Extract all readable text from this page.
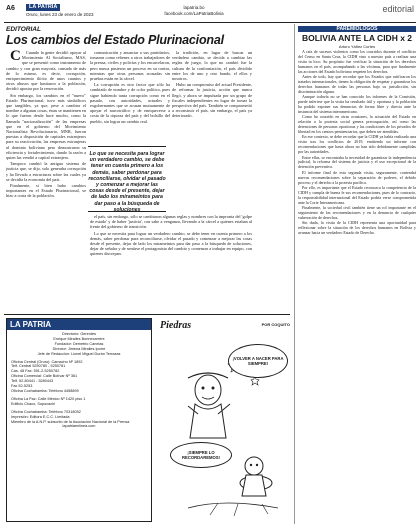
A6	LA PATRIA
Oruro, lunes 23 de enero de 2023
lapatria.bo
facebook.com/LaPatriaBolivia	editorial
EDITORIAL
Los cambios del Estado Plurinacional

C Cuando la gente decidió apoyar al Movimiento Al Socialismo, MAS, que se presentó como instrumento de cambio y con gran mayoría, cansada de más de lo mismo, es decir, corrupción, enriquecimiento ilícito de unos cuantos y otros abusos que hastiaron a la población, decidió apostar por la renovación.

Sin embargo, los cambios en el "nuevo" Estado Plurinacional, tuvo más simbólicos que tangibles, ya que, pese a cambiar el nombre a algunas cosas, éstas se mantienen en lo que fueron desde hace mucho, como la llamada "nacionalización" de las empresas que en el gobierno del Movimiento Nacionalista Revolucionario, MNR, fueron puestas a disposición de capitales extranjeros para su reactivación, las empresas extranjeras al dominio boliviano pero demostraron su eficiencia y fortalecimiento, dando la razón a quien las vendió a capital extranjero.

Tampoco cambió la antiguo sistema de justicia que, se dijo, solo generaba corrupción y ha llevado a estructuras sobre las cuales ya se decidía la economía del país.

Finalmente, si bien hubo cambios importantes en el Estado Plurinacional, se hizo a costa de la población.

comunicación y anunciar a sus partidarios, tomaron como rehenes a otros trabajadores de la prensa, civiles y policías y los encarcelaron, pero nunca pusieron un proceso en su contra, mientras que otras personas acusadas sin pruebas están en la cárcel.

La corrupción es otro factor que sólo ha cambiado de nombre y de color político, pues sigue habiendo tanta corrupción como en el pasado, con autoridades, actuales y exgobernantes que se acusan mutuamente de apoyar el narcotráfico y de enriquecerse a costa de la riqueza del país y del bolsillo del pueblo, sin lograr un cambio real.

Lo que se necesita para lograr un verdadero cambio, se debe tener en cuenta primero a los demás, saber perdonar para reconciliarse, olvidar el pasado y comenzar a mejorar las cosas desde el presente, dejar de lado los mirameintos para dar paso a la búsqueda de soluciones

la tradición, en lugar de buscar un verdadero cambio, se decida a cambiar las reglas de juego, lo que no cambió fue la cultura de la confrontación, el país dividido entre los de uno y otro bando, el ellos y nosotros.

Hubo un compromiso del actual Presidente, de reformar la justicia, acción que nunca llegó, y ahora se impulsada por un grupo de fiscales independientes en lugar de tomar la perspectiva del país. También se comprometió a reconstruir el país, sin embargo, el país ya deteriorado.

el país, sin embargo, sólo se cambiaron algunas reglas y nombres con la impronta del 'golpe de estado' y de haber 'justicia', con sabe a venganza, llevando a la cárcel a quienes estaban al frente del gobierno de transición.

Lo que se necesita para lograr un verdadero cambio, se debe tener en cuenta primero a los demás, saber perdonar para reconciliarse, olvidar el pasado y comenzar a mejorar las cosas desde el presente, dejar de lado los mirameintos para dar paso a la búsqueda de soluciones, dejar de señalar y de sentirse el protagonista del cambio y comenzar a trabajar en equipo, con quienes discrepan.

PAREMIOLOGOS
BOLIVIA ANTE LA CIDH x 2
Arturo Yáñez Cortes

A raíz de sucesos violentos como los ocurridos durante el conflicto del Censo en Santa Cruz, la CIDH vino a nuestro país a realizar una visita in loco. Su propósito fue verificar la situación de los derechos humanos en el país, acompañando a las víctimas, para que finalmente las acciones del Estado boliviano respeten los derechos.

Antes de todo, hay que recordar que los Estados que ratificaron los tratados internacionales, tienen la obligación de respetar y garantizar los derechos humanos de todas las personas bajo su jurisdicción, sin discriminación alguna.

Aunque todavía no se han conocido los informes de la Comisión, puede inferirse que la visita ha resultado útil y oportuna y la población ha podido exponer sus denuncias de forma libre y directa ante la instancia del sistema interamericano.

Como ha ocurrido en otras ocasiones, la actuación del Estado en relación a la protesta social genera preocupación, así como las detenciones de personas opositoras y las condiciones de los privados de libertad en los centros penitenciarios, que deben ser atendidas.

En ese contexto, se debe recordar que la CIDH ya había realizado una visita tras los conflictos de 2019, emitiendo un informe con recomendaciones que hasta ahora no han sido debidamente cumplidas por las autoridades.

Entre ellas, se encontraba la necesidad de garantizar la independencia judicial, la reforma del sistema de justicia y el uso excepcional de la detención preventiva.

El informe final de esta segunda visita, seguramente, contendrá nuevas recomendaciones sobre la separación de poderes, el debido proceso y el derecho a la protesta pacífica.

Por ello, es importante que el Estado reconozca la competencia de la CIDH y cumpla de buena fe sus recomendaciones, pues de lo contrario, la responsabilidad internacional del Estado podría verse comprometida ante la Corte Interamericana.

Finalmente, la sociedad civil también tiene un rol importante en el seguimiento de las recomendaciones y en la denuncia de cualquier vulneración de derechos.

Sin duda, la visita de la CIDH representa una oportunidad para reflexionar sobre la situación de los derechos humanos en Bolivia y avanzar hacia un verdadero Estado de Derecho.

LA PATRIA
Directorio: Gerentes
Enrique Miralles Bonnecarrère
Fundador: Demetrio Canelas
Director: Jimena Miralles Iporre
Jefe de Redacción: Lionel Miguel Durán Terrazas
Oficina Central (Oruro): Camacho Nº 1892
Telf. Central 5250780 - 5250781
Cas. 48 Fax: 591-2-5250782
Oficina Comercial: Calle Bolívar Nº 361
Telf. 52-80441 - 5280443
Fax 52-5253
Oficina Cochabamba: Teléfono 4458899
Oficina La Paz: Calle México Nº 1420 piso 1
Edificio Chaco, Sopocachi
Oficina Cochabamba: Teléfono 70318052
Impresión: Editora E.C.C. Limitada
Miembro de la A.N.P. subscrito de la Asociación Nacional de la Prensa
lapatriaenlinea.com
Piedras	POR COQUITO
¡VOLVER A NACER PARA SIEMPRE!
¡SIEMPRE LO RECORDAREMOS!
